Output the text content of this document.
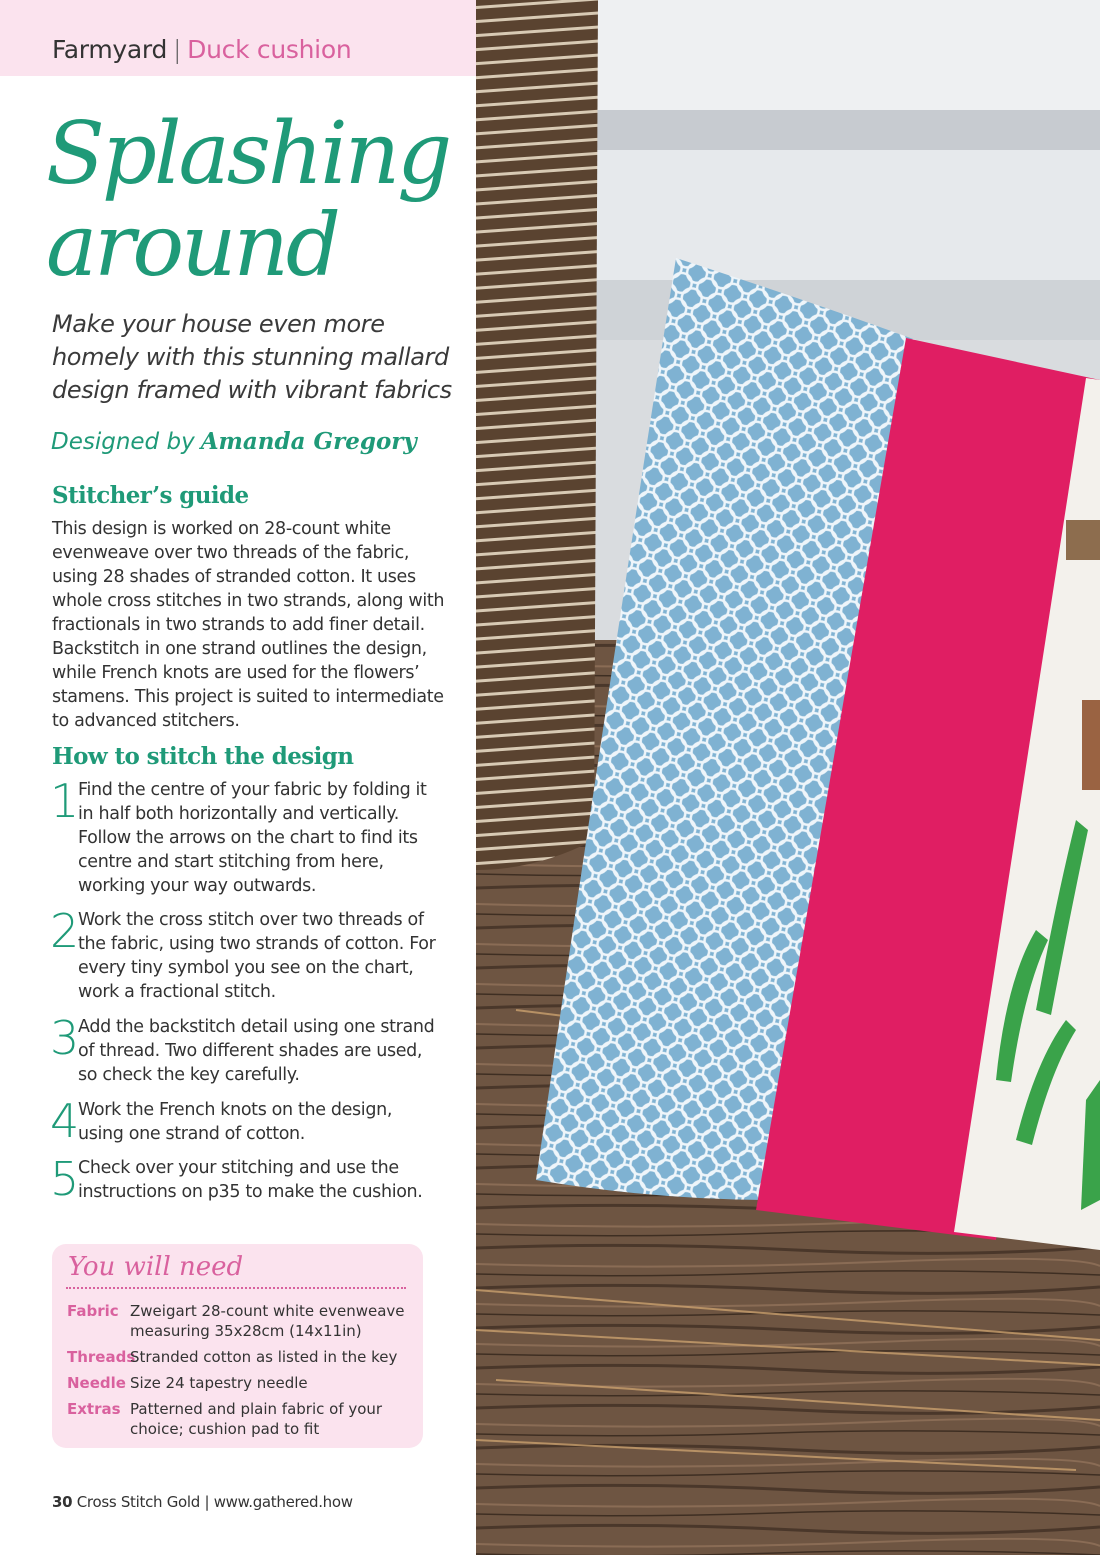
Farmyard | Duck cushion
Splashing
around
Make your house even more homely with this stunning mallard design framed with vibrant fabrics
Designed by Amanda Gregory
Stitcher’s guide
This design is worked on 28-count white evenweave over two threads of the fabric, using 28 shades of stranded cotton. It uses whole cross stitches in two strands, along with fractionals in two strands to add finer detail. Backstitch in one strand outlines the design, while French knots are used for the flowers’ stamens. This project is suited to intermediate to advanced stitchers.
How to stitch the design
1
Find the centre of your fabric by folding it in half both horizontally and vertically. Follow the arrows on the chart to find its centre and start stitching from here, working your way outwards.
2
Work the cross stitch over two threads of the fabric, using two strands of cotton. For every tiny symbol you see on the chart, work a fractional stitch.
3
Add the backstitch detail using one strand of thread. Two different shades are used, so check the key carefully.
4
Work the French knots on the design, using one strand of cotton.
5
Check over your stitching and use the instructions on p35 to make the cushion.
You will need
Fabric Zweigart 28-count white evenweave measuring 35x28cm (14x11in)
Threads
Stranded cotton as listed in the key
Needle Size 24 tapestry needle
Extras Patterned and plain fabric of your choice; cushion pad to fit
30 Cross Stitch Gold | www.gathered.how
